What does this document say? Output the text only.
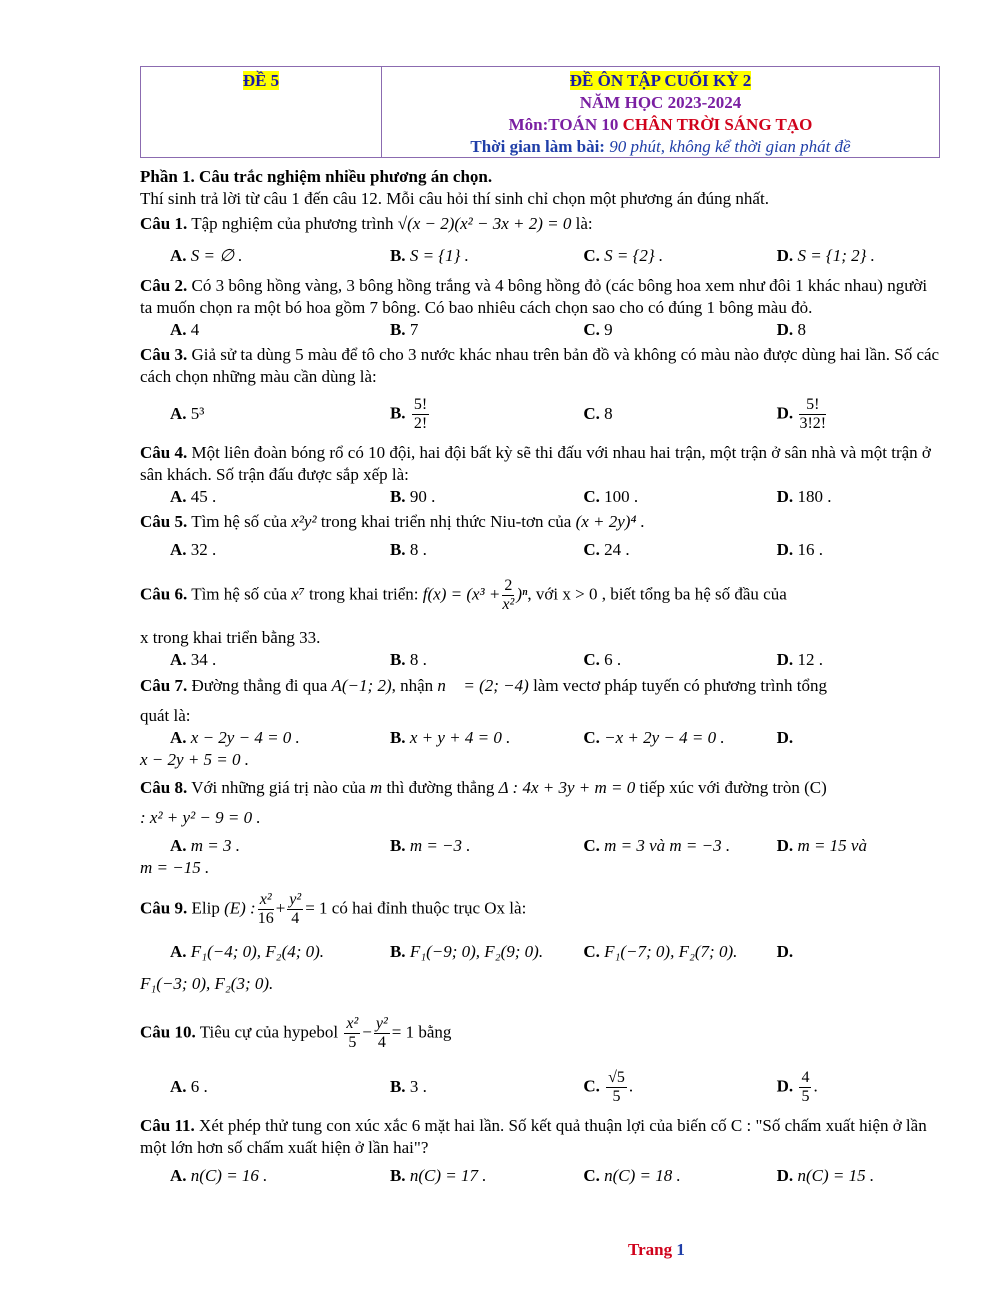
ĐỀ 5	ĐỀ ÔN TẬP CUỐI KỲ 2
NĂM HỌC 2023-2024
Môn:TOÁN 10 CHÂN TRỜI SÁNG TẠO
Thời gian làm bài: 90 phút, không kể thời gian phát đề
Phần 1. Câu trắc nghiệm nhiều phương án chọn.
Thí sinh trả lời từ câu 1 đến câu 12. Mỗi câu hỏi thí sinh chỉ chọn một phương án đúng nhất.
Câu 1. Tập nghiệm của phương trình √(x − 2)(x² − 3x + 2) = 0 là:
A. S = ∅ .	B. S = {1} .	C. S = {2} .	D. S = {1; 2} .
Câu 2. Có 3 bông hồng vàng, 3 bông hồng trắng và 4 bông hồng đỏ (các bông hoa xem như đôi 1 khác nhau) người ta muốn chọn ra một bó hoa gồm 7 bông. Có bao nhiêu cách chọn sao cho có đúng 1 bông màu đỏ.
A. 4	B. 7	C. 9	D. 8
Câu 3. Giả sử ta dùng 5 màu để tô cho 3 nước khác nhau trên bản đồ và không có màu nào được dùng hai lần. Số các cách chọn những màu cần dùng là:
A. 5³	B. $\frac{5!}{2!}$	C. 8	D. $\frac{5!}{3!2!}$
Câu 4. Một liên đoàn bóng rổ có 10 đội, hai đội bất kỳ sẽ thi đấu với nhau hai trận, một trận ở sân nhà và một trận ở sân khách. Số trận đấu được sắp xếp là:
A. 45 .	B. 90 .	C. 100 .	D. 180 .
Câu 5. Tìm hệ số của x²y² trong khai triển nhị thức Niu-tơn của (x + 2y)⁴ .
A. 32 .	B. 8 .	C. 24 .	D. 16 .
Câu 6. Tìm hệ số của x⁷ trong khai triển: $f(x) = (x^3 + \frac{2}{\text{x²}} )^n$, với x > 0 , biết tổng ba hệ số đầu của
x trong khai triển bằng 33.
A. 34 .	B. 8 .	C. 6 .	D. 12 .
Câu 7. Đường thẳng đi qua A(−1; 2), nhận n⃗ = (2; −4) làm vectơ pháp tuyến có phương trình tổng
quát là:
A. x − 2y − 4 = 0 .	B. x + y + 4 = 0 .	C. −x + 2y − 4 = 0 .	D.
x − 2y + 5 = 0 .
Câu 8. Với những giá trị nào của m thì đường thẳng Δ : 4x + 3y + m = 0 tiếp xúc với đường tròn (C)
: x² + y² − 9 = 0 .
A. m = 3 .	B. m = −3 .	C. m = 3 và m = −3 .	D. m = 15 và
m = −15 .
Câu 9. Elip (E) : $\frac{\text{x²}}{16} + \frac{\text{y²}}{4} = 1$ có hai đỉnh thuộc trục Ox là:
A. F₁(−4; 0), F₂(4; 0).	B. F₁(−9; 0), F₂(9; 0).	C. F₁(−7; 0), F₂(7; 0).	D.
F₁(−3; 0), F₂(3; 0).
Câu 10. Tiêu cự của hypebol $\frac{\text{x²}}{5} - \frac{\text{y²}}{4} = 1$ bằng
A. 6 .	B. 3 .	C. $\frac{√5}{5}$ .	D. $\frac{4}{5}$ .
Câu 11. Xét phép thử tung con xúc xắc 6 mặt hai lần. Số kết quả thuận lợi của biến cố C : "Số chấm xuất hiện ở lần một lớn hơn số chấm xuất hiện ở lần hai"?
A. n(C) = 16 .	B. n(C) = 17 .	C. n(C) = 18 .	D. n(C) = 15 .
Trang 1
